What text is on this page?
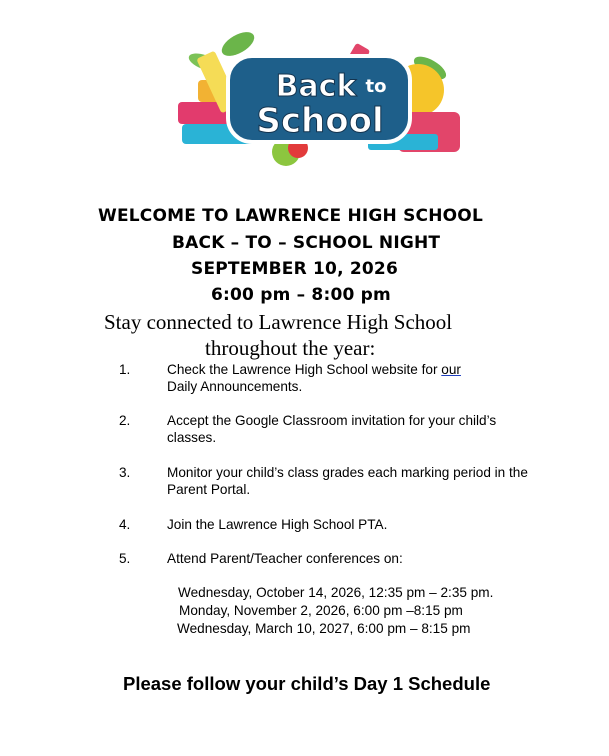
Back to
School
WELCOME TO LAWRENCE HIGH SCHOOL
BACK – TO – SCHOOL NIGHT
SEPTEMBER 10, 2026
6:00 pm – 8:00 pm
Stay connected to Lawrence High School
throughout the year:
1.	Check the Lawrence High School website for our
Daily Announcements.
2.	Accept the Google Classroom invitation for your child’s classes.
3.	Monitor your child’s class grades each marking period in the Parent Portal.
4.	Join the Lawrence High School PTA.
5.	Attend Parent/Teacher conferences on:
Wednesday, October 14, 2026, 12:35 pm – 2:35 pm.
Monday, November 2, 2026, 6:00 pm –8:15 pm
Wednesday, March 10, 2027, 6:00 pm – 8:15 pm
Please follow your child’s Day 1 Schedule
